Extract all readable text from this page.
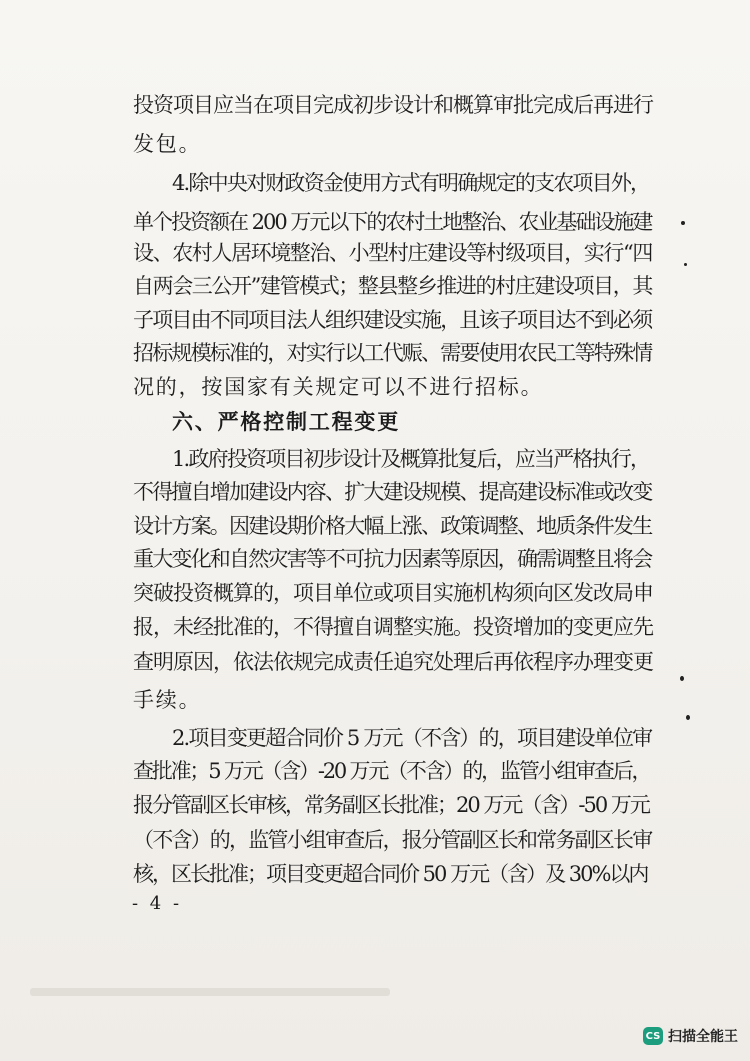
投资项目应当在项目完成初步设计和概算审批完成后再进行
发包。
4.除中央对财政资金使用方式有明确规定的支农项目外，
单个投资额在 200 万元以下的农村土地整治、农业基础设施建
设、农村人居环境整治、小型村庄建设等村级项目，实行“四
自两会三公开”建管模式；整县整乡推进的村庄建设项目，其
子项目由不同项目法人组织建设实施，且该子项目达不到必须
招标规模标准的，对实行以工代赈、需要使用农民工等特殊情
况的，按国家有关规定可以不进行招标。
六、严格控制工程变更
1.政府投资项目初步设计及概算批复后，应当严格执行，
不得擅自增加建设内容、扩大建设规模、提高建设标准或改变
设计方案。因建设期价格大幅上涨、政策调整、地质条件发生
重大变化和自然灾害等不可抗力因素等原因，确需调整且将会
突破投资概算的，项目单位或项目实施机构须向区发改局申
报，未经批准的，不得擅自调整实施。投资增加的变更应先
查明原因，依法依规完成责任追究处理后再依程序办理变更
手续。
2.项目变更超合同价 5 万元（不含）的，项目建设单位审
查批准；5 万元（含）-20 万元（不含）的，监管小组审查后，
报分管副区长审核，常务副区长批准；20 万元（含）-50 万元
（不含）的，监管小组审查后，报分管副区长和常务副区长审
核，区长批准；项目变更超合同价 50 万元（含）及 30%以内
- 4 -
CS 扫描全能王
